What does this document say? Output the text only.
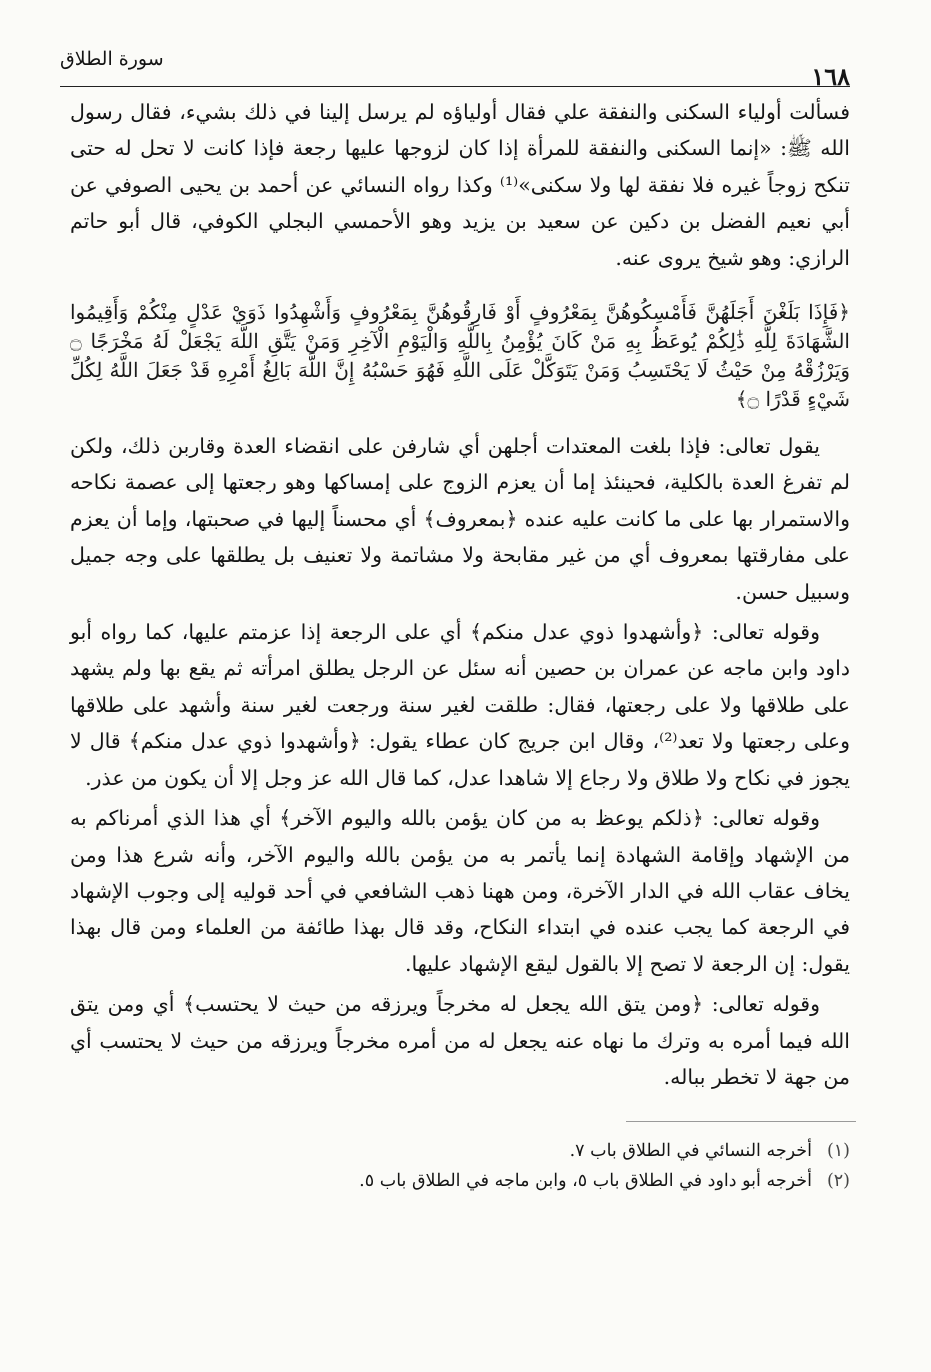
١٦٨
سورة الطلاق

فسألت أولياء السكنى والنفقة علي فقال أولياؤه لم يرسل إلينا في ذلك بشيء، فقال رسول الله ﷺ: «إنما السكنى والنفقة للمرأة إذا كان لزوجها عليها رجعة فإذا كانت لا تحل له حتى تنكح زوجاً غيره فلا نفقة لها ولا سكنى»⁽¹⁾ وكذا رواه النسائي عن أحمد بن يحيى الصوفي عن أبي نعيم الفضل بن دكين عن سعيد بن يزيد وهو الأحمسي البجلي الكوفي، قال أبو حاتم الرازي: وهو شيخ يروى عنه.

﴿فَإِذَا بَلَغْنَ أَجَلَهُنَّ فَأَمْسِكُوهُنَّ بِمَعْرُوفٍ أَوْ فَارِقُوهُنَّ بِمَعْرُوفٍ وَأَشْهِدُوا ذَوَيْ عَدْلٍ مِنْكُمْ وَأَقِيمُوا الشَّهَادَةَ لِلَّهِ ذَٰلِكُمْ يُوعَظُ بِهِ مَنْ كَانَ يُؤْمِنُ بِاللَّهِ وَالْيَوْمِ الْآخِرِ وَمَنْ يَتَّقِ اللَّهَ يَجْعَلْ لَهُ مَخْرَجًا ۝ وَيَرْزُقْهُ مِنْ حَيْثُ لَا يَحْتَسِبُ وَمَنْ يَتَوَكَّلْ عَلَى اللَّهِ فَهُوَ حَسْبُهُ إِنَّ اللَّهَ بَالِغُ أَمْرِهِ قَدْ جَعَلَ اللَّهُ لِكُلِّ شَيْءٍ قَدْرًا ۝﴾

يقول تعالى: فإذا بلغت المعتدات أجلهن أي شارفن على انقضاء العدة وقاربن ذلك، ولكن لم تفرغ العدة بالكلية، فحينئذ إما أن يعزم الزوج على إمساكها وهو رجعتها إلى عصمة نكاحه والاستمرار بها على ما كانت عليه عنده ﴿بمعروف﴾ أي محسناً إليها في صحبتها، وإما أن يعزم على مفارقتها بمعروف أي من غير مقابحة ولا مشاتمة ولا تعنيف بل يطلقها على وجه جميل وسبيل حسن.

وقوله تعالى: ﴿وأشهدوا ذوي عدل منكم﴾ أي على الرجعة إذا عزمتم عليها، كما رواه أبو داود وابن ماجه عن عمران بن حصين أنه سئل عن الرجل يطلق امرأته ثم يقع بها ولم يشهد على طلاقها ولا على رجعتها، فقال: طلقت لغير سنة ورجعت لغير سنة وأشهد على طلاقها وعلى رجعتها ولا تعد⁽²⁾، وقال ابن جريج كان عطاء يقول: ﴿وأشهدوا ذوي عدل منكم﴾ قال لا يجوز في نكاح ولا طلاق ولا رجاع إلا شاهدا عدل، كما قال الله عز وجل إلا أن يكون من عذر.

وقوله تعالى: ﴿ذلكم يوعظ به من كان يؤمن بالله واليوم الآخر﴾ أي هذا الذي أمرناكم به من الإشهاد وإقامة الشهادة إنما يأتمر به من يؤمن بالله واليوم الآخر، وأنه شرع هذا ومن يخاف عقاب الله في الدار الآخرة، ومن ههنا ذهب الشافعي في أحد قوليه إلى وجوب الإشهاد في الرجعة كما يجب عنده في ابتداء النكاح، وقد قال بهذا طائفة من العلماء ومن قال بهذا يقول: إن الرجعة لا تصح إلا بالقول ليقع الإشهاد عليها.

وقوله تعالى: ﴿ومن يتق الله يجعل له مخرجاً ويرزقه من حيث لا يحتسب﴾ أي ومن يتق الله فيما أمره به وترك ما نهاه عنه يجعل له من أمره مخرجاً ويرزقه من حيث لا يحتسب أي من جهة لا تخطر بباله.

(١)
أخرجه النسائي في الطلاق باب ٧.
(٢)
أخرجه أبو داود في الطلاق باب ٥، وابن ماجه في الطلاق باب ٥.
